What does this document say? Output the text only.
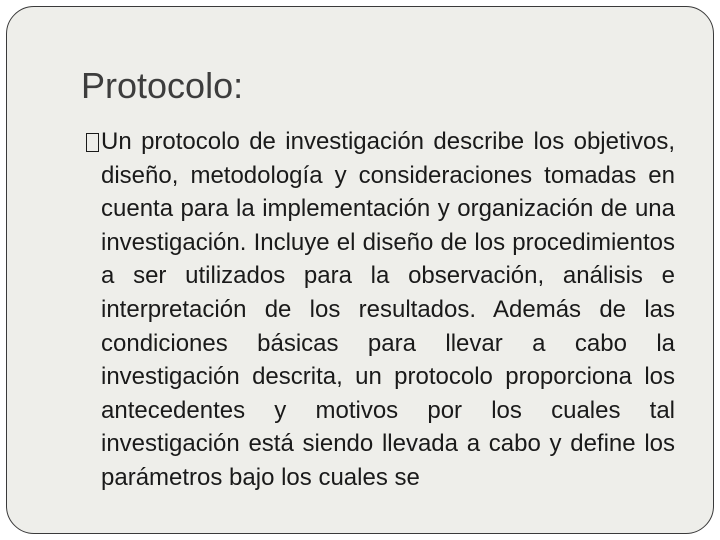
Protocolo:

Un protocolo de investigación describe los objetivos, diseño, metodología y consideraciones tomadas en cuenta para la implementación y organización de una investigación. Incluye el diseño de los procedimientos a ser utilizados para la observación, análisis e interpretación de los resultados. Además de las condiciones básicas para llevar a cabo la investigación descrita, un protocolo proporciona los antecedentes y motivos por los cuales tal investigación está siendo llevada a cabo y define los parámetros bajo los cuales se
